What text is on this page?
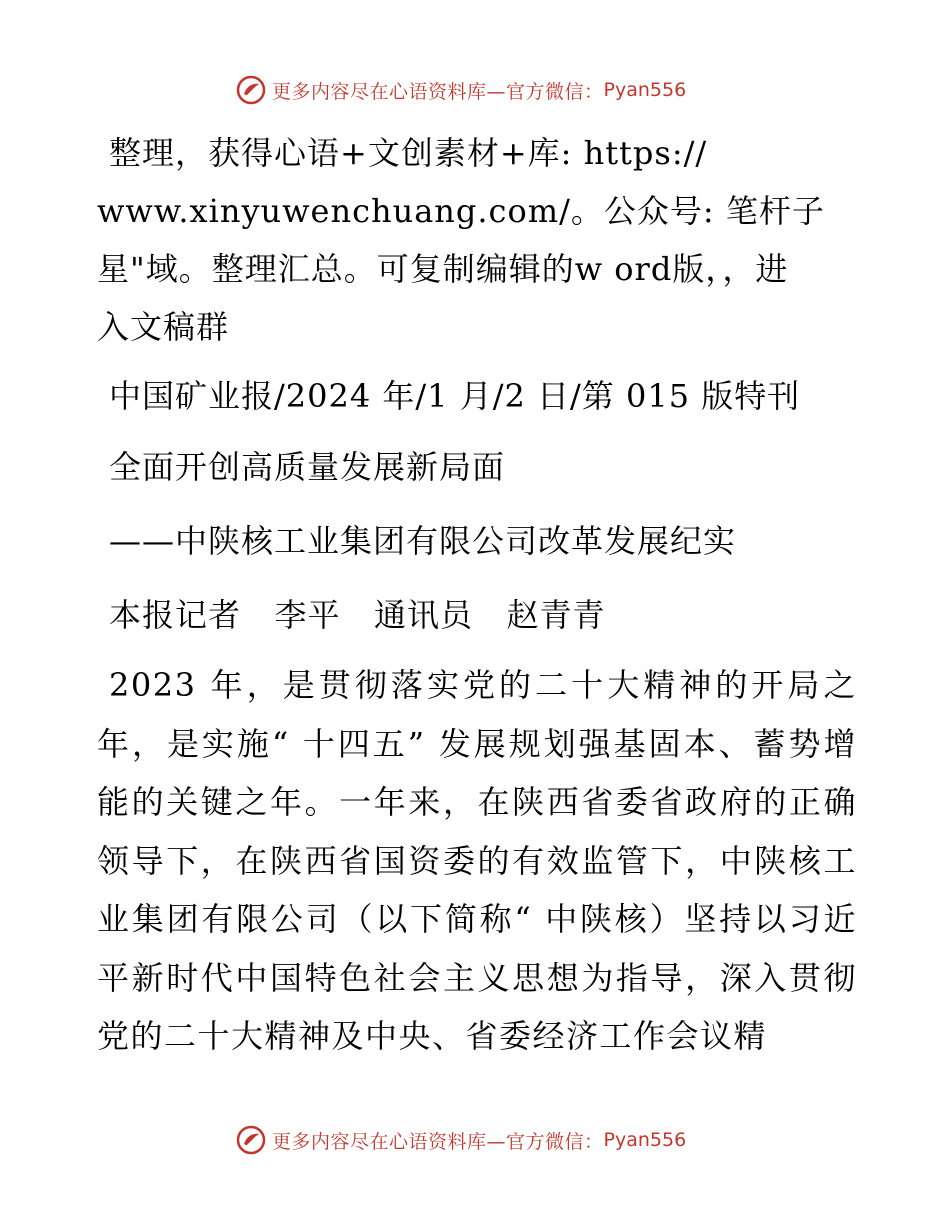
更多内容尽在心语资料库—官方微信： Pyan556

整理，获得心语+文创素材+库: https://
www.xinyuwenchuang.com/。公众号: 笔杆子
星"域。整理汇总。可复制编辑的w ord版，，进
入文稿群

中国矿业报/2024 年/1 月/2 日/第 015 版特刊

全面开创高质量发展新局面

——中陕核工业集团有限公司改革发展纪实

本报记者   李平   通讯员   赵青青

2023 年，是贯彻落实党的二十大精神的开局之年，是实施“ 十四五” 发展规划强基固本、蓄势增能的关键之年。一年来，在陕西省委省政府的正确领导下，在陕西省国资委的有效监管下，中陕核工业集团有限公司（以下简称“ 中陕核）坚持以习近平新时代中国特色社会主义思想为指导，深入贯彻党的二十大精神及中央、省委经济工作会议精

更多内容尽在心语资料库—官方微信： Pyan556
